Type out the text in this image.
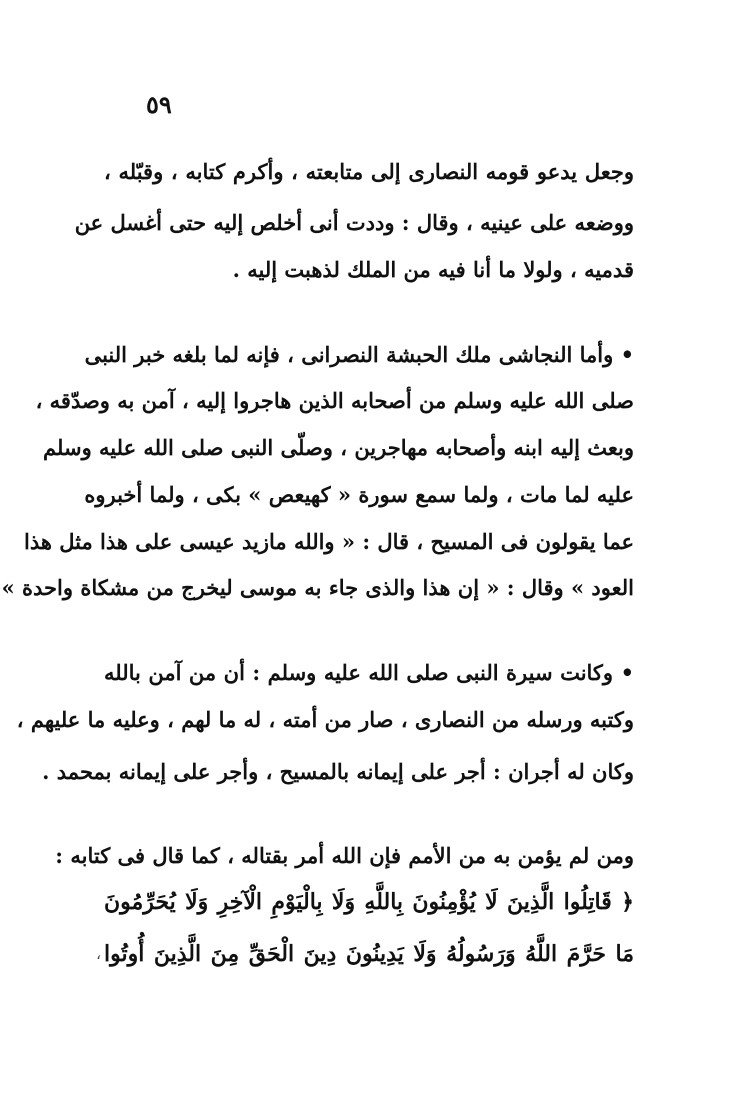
٥٩
وجعل يدعو قومه النصارى إلى متابعته ، وأكرم كتابه ، وقبّله ،
ووضعه على عينيه ، وقال : وددت أنى أخلص إليه حتى أغسل عن
قدميه ، ولولا ما أنا فيه من الملك لذهبت إليه .
• وأما النجاشى ملك الحبشة النصرانى ، فإنه لما بلغه خبر النبى
صلى الله عليه وسلم من أصحابه الذين هاجروا إليه ، آمن به وصدّقه ،
وبعث إليه ابنه وأصحابه مهاجرين ، وصلّى النبى صلى الله عليه وسلم
عليه لما مات ، ولما سمع سورة « كهيعص » بكى ، ولما أخبروه
عما يقولون فى المسيح ، قال : « والله مازيد عيسى على هذا مثل هذا
العود » وقال : « إن هذا والذى جاء به موسى ليخرج من مشكاة واحدة »
• وكانت سيرة النبى صلى الله عليه وسلم : أن من آمن بالله
وكتبه ورسله من النصارى ، صار من أمته ، له ما لهم ، وعليه ما عليهم ،
وكان له أجران : أجر على إيمانه بالمسيح ، وأجر على إيمانه بمحمد .
ومن لم يؤمن به من الأمم فإن الله أمر بقتاله ، كما قال فى كتابه :
﴿ قَاتِلُوا الَّذِينَ لَا يُؤْمِنُونَ بِاللَّهِ وَلَا بِالْيَوْمِ الْآخِرِ وَلَا يُحَرِّمُونَ
مَا حَرَّمَ اللَّهُ وَرَسُولُهُ وَلَا يَدِينُونَ دِينَ الْحَقِّ مِنَ الَّذِينَ أُوتُوا
‘
